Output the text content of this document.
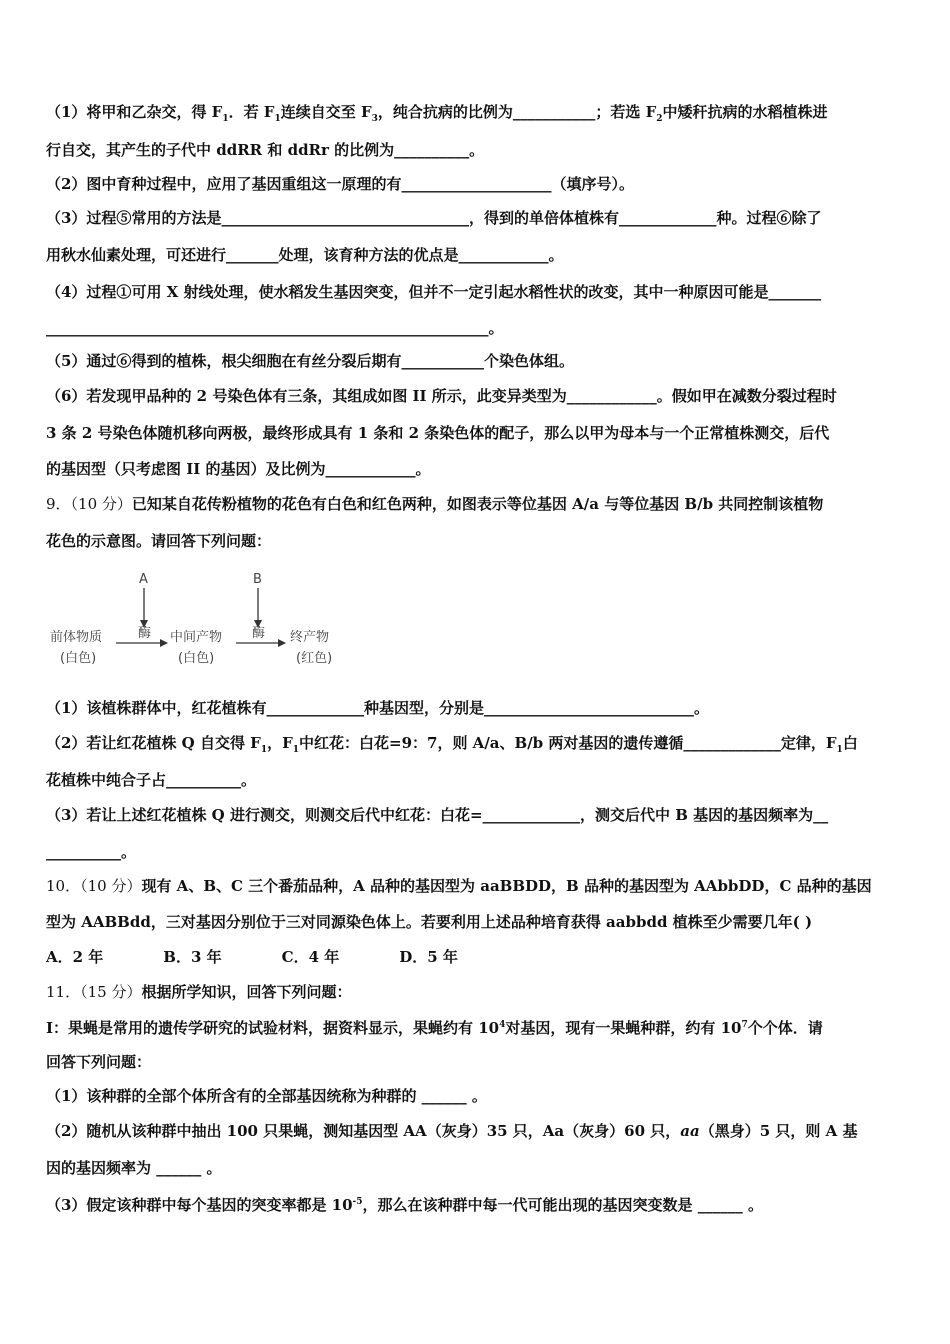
（1）将甲和乙杂交，得 $F_1$．若 $F_1$连续自交至 $F_3$，纯合抗病的比例为___________；若选 $F_2$中矮秆抗病的水稻植株进
行自交，其产生的子代中 ddRR 和 ddRr 的比例为__________。
（2）图中育种过程中，应用了基因重组这一原理的有____________________（填序号）。
（3）过程⑤常用的方法是_________________________________，得到的单倍体植株有_____________种。过程⑥除了
用秋水仙素处理，可还进行_______处理，该育种方法的优点是____________。
（4）过程①可用 X 射线处理，使水稻发生基因突变，但并不一定引起水稻性状的改变，其中一种原因可能是_______
___________________________________________________________。
（5）通过⑥得到的植株，根尖细胞在有丝分裂后期有___________个染色体组。
（6）若发现甲品种的 2 号染色体有三条，其组成如图 II 所示，此变异类型为____________。假如甲在减数分裂过程时
3 条 2 号染色体随机移向两极，最终形成具有 1 条和 2 条染色体的配子，那么以甲为母本与一个正常植株测交，后代
的基因型（只考虑图 II 的基因）及比例为____________。
9．（10 分）已知某自花传粉植物的花色有白色和红色两种，如图表示等位基因 A/a 与等位基因 B/b 共同控制该植物
花色的示意图。请回答下列问题：
（1）该植株群体中，红花植株有_____________种基因型，分别是____________________________。
（2）若让红花植株 Q 自交得 $F_1$，$F_1$中红花：白花=9：7，则 A/a、B/b 两对基因的遗传遵循_____________定律，$F_1$白
花植株中纯合子占__________。
（3）若让上述红花植株 Q 进行测交，则测交后代中红花：白花=_____________，测交后代中 B 基因的基因频率为__
__________。
10．（10 分）现有 A、B、C 三个番茄品种，A 品种的基因型为 aaBBDD，B 品种的基因型为 AAbbDD，C 品种的基因
型为 AABBdd，三对基因分别位于三对同源染色体上。若要利用上述品种培育获得 aabbdd 植株至少需要几年( )
A．2 年　　　　B．3 年　　　　C．4 年　　　　D．5 年
11．（15 分）根据所学知识，回答下列问题：
I：果蝇是常用的遗传学研究的试验材料，据资料显示，果蝇约有 $10^4$对基因，现有一果蝇种群，约有 $10^7$个个体．请
回答下列问题：
（1）该种群的全部个体所含有的全部基因统称为种群的 ______ 。
（2）随机从该种群中抽出 100 只果蝇，测知基因型 AA（灰身）35 只，Aa（灰身）60 只，aa（黑身）5 只，则 A 基
因的基因频率为 ______ 。
（3）假定该种群中每个基因的突变率都是 $10^{-5}$，那么在该种群中每一代可能出现的基因突变数是 ______ 。
A	B
前体物质
(白色)
酶 中间产物
(白色)
酶 终产物
(红色)
